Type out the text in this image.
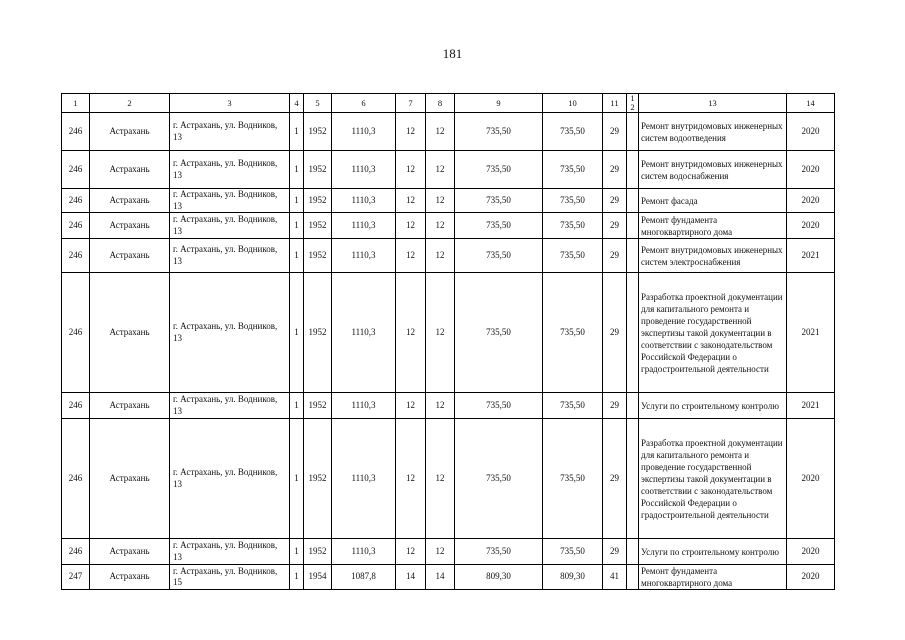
181
1	2	3	4	5	6	7	8	9	10	11	12	13	14
246	Астрахань	г. Астрахань, ул. Водников, 13	1	1952	1110,3	12	12	735,50	735,50	29		Ремонт внутридомовых инженерных систем водоотведения	2020
246	Астрахань	г. Астрахань, ул. Водников, 13	1	1952	1110,3	12	12	735,50	735,50	29		Ремонт внутридомовых инженерных систем водоснабжения	2020
246	Астрахань	г. Астрахань, ул. Водников, 13	1	1952	1110,3	12	12	735,50	735,50	29		Ремонт фасада	2020
246	Астрахань	г. Астрахань, ул. Водников, 13	1	1952	1110,3	12	12	735,50	735,50	29		Ремонт фундамента многоквартирного дома	2020
246	Астрахань	г. Астрахань, ул. Водников, 13	1	1952	1110,3	12	12	735,50	735,50	29		Ремонт внутридомовых инженерных систем электроснабжения	2021
246	Астрахань	г. Астрахань, ул. Водников, 13	1	1952	1110,3	12	12	735,50	735,50	29		Разработка проектной документации для капитального ремонта и проведение государственной экспертизы такой документации в соответствии с законодательством Российской Федерации о градостроительной деятельности	2021
246	Астрахань	г. Астрахань, ул. Водников, 13	1	1952	1110,3	12	12	735,50	735,50	29		Услуги по строительному контролю	2021
246	Астрахань	г. Астрахань, ул. Водников, 13	1	1952	1110,3	12	12	735,50	735,50	29		Разработка проектной документации для капитального ремонта и проведение государственной экспертизы такой документации в соответствии с законодательством Российской Федерации о градостроительной деятельности	2020
246	Астрахань	г. Астрахань, ул. Водников, 13	1	1952	1110,3	12	12	735,50	735,50	29		Услуги по строительному контролю	2020
247	Астрахань	г. Астрахань, ул. Водников, 15	1	1954	1087,8	14	14	809,30	809,30	41		Ремонт фундамента многоквартирного дома	2020
